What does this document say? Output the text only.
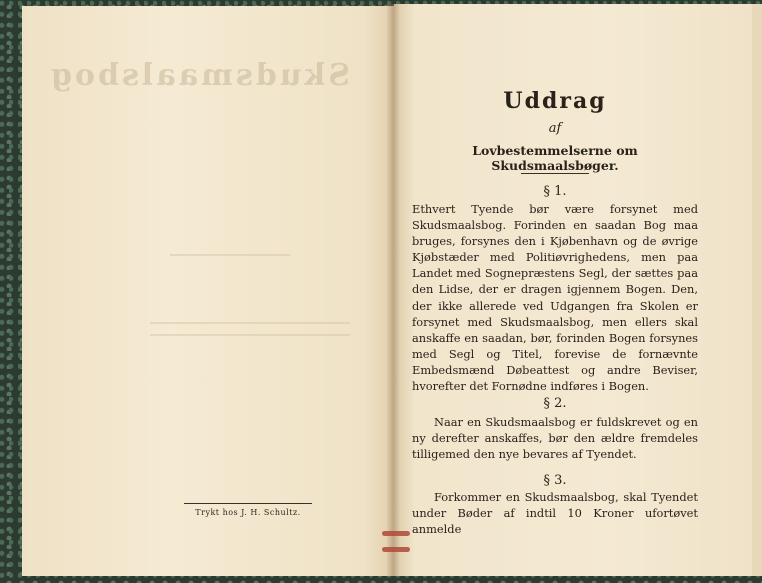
Skudsmaalsbog
Trykt hos J. H. Schultz.
Uddrag
af
Lovbestemmelserne om Skudsmaalsbøger.
§ 1.
Ethvert Tyende bør være forsynet med Skudsmaalsbog. Forinden en saadan Bog maa bruges, forsynes den i Kjøbenhavn og de øvrige Kjøbstæder med Politiøvrighedens, men paa Landet med Sognepræstens Segl, der sættes paa den Lidse, der er dragen igjennem Bogen. Den, der ikke allerede ved Udgangen fra Skolen er forsynet med Skudsmaalsbog, men ellers skal anskaffe en saadan, bør, forinden Bogen forsynes med Segl og Titel, forevise de fornævnte Embedsmænd Døbeattest og andre Beviser, hvorefter det Fornødne indføres i Bogen.
§ 2.
Naar en Skudsmaalsbog er fuldskrevet og en ny derefter anskaffes, bør den ældre fremdeles tilligemed den nye bevares af Tyendet.
§ 3.
Forkommer en Skudsmaalsbog, skal Tyendet under Bøder af indtil 10 Kroner ufortøvet anmelde
